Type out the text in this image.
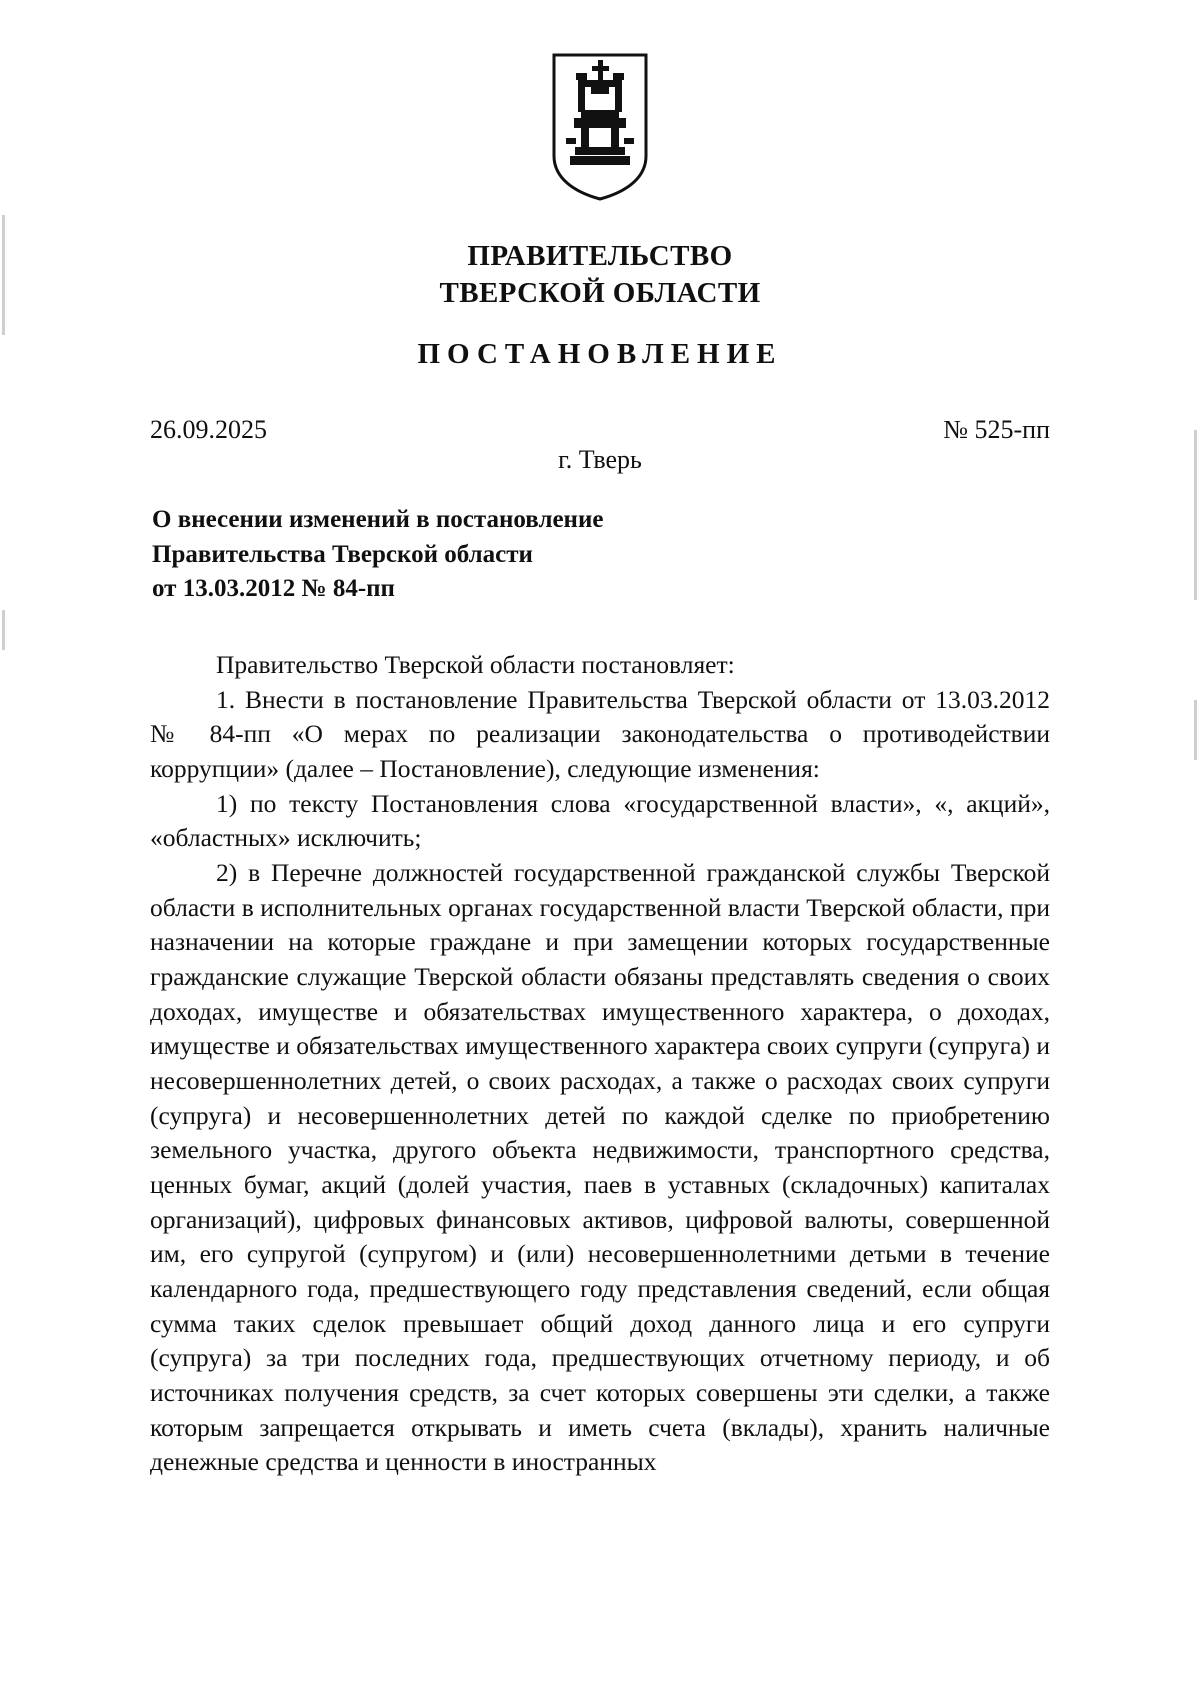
ПРАВИТЕЛЬСТВО
ТВЕРСКОЙ ОБЛАСТИ
ПОСТАНОВЛЕНИЕ
26.09.2025	№ 525-пп
г. Тверь
О внесении изменений в постановление
Правительства Тверской области
от 13.03.2012 № 84-пп

Правительство Тверской области постановляет:

1. Внести в постановление Правительства Тверской области от 13.03.2012 № 84-пп «О мерах по реализации законодательства о противодействии коррупции» (далее – Постановление), следующие изменения:

1) по тексту Постановления слова «государственной власти», «, акций», «областных» исключить;

2) в Перечне должностей государственной гражданской службы Тверской области в исполнительных органах государственной власти Тверской области, при назначении на которые граждане и при замещении которых государственные гражданские служащие Тверской области обязаны представлять сведения о своих доходах, имуществе и обязательствах имущественного характера, о доходах, имуществе и обязательствах имущественного характера своих супруги (супруга) и несовершеннолетних детей, о своих расходах, а также о расходах своих супруги (супруга) и несовершеннолетних детей по каждой сделке по приобретению земельного участка, другого объекта недвижимости, транспортного средства, ценных бумаг, акций (долей участия, паев в уставных (складочных) капиталах организаций), цифровых финансовых активов, цифровой валюты, совершенной им, его супругой (супругом) и (или) несовершеннолетними детьми в течение календарного года, предшествующего году представления сведений, если общая сумма таких сделок превышает общий доход данного лица и его супруги (супруга) за три последних года, предшествующих отчетному периоду, и об источниках получения средств, за счет которых совершены эти сделки, а также которым запрещается открывать и иметь счета (вклады), хранить наличные денежные средства и ценности в иностранных
